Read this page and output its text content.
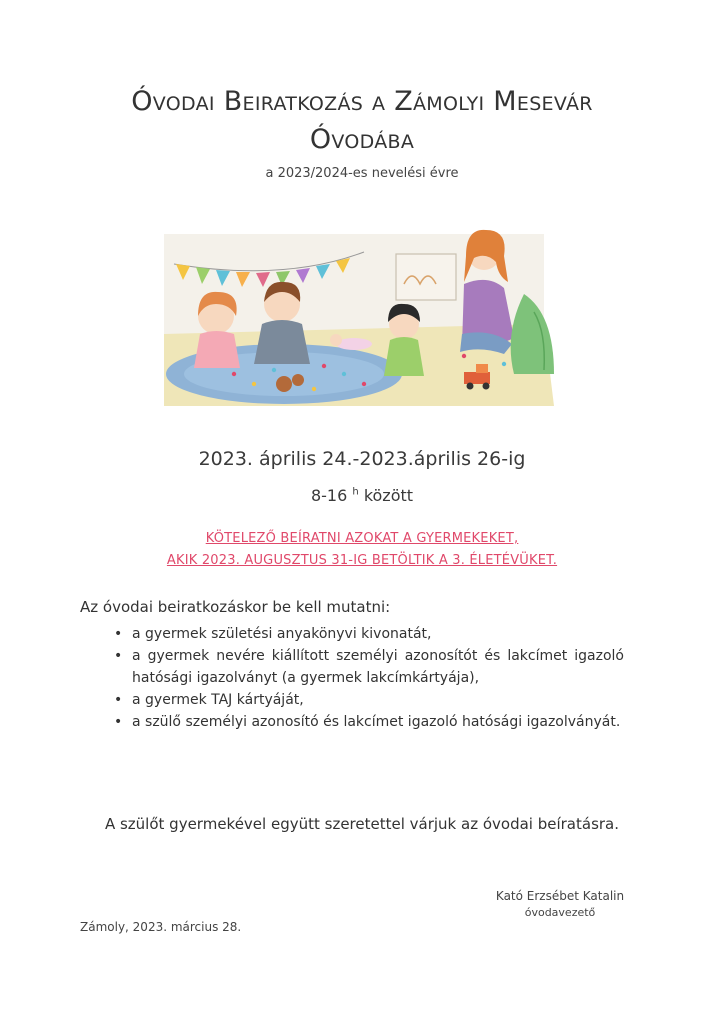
Óvodai Beiratkozás a Zámolyi Mesevár
Óvodába
a 2023/2024-es nevelési évre
2023. április 24.-2023.április 26-ig
8-16 $^h$ között
KÖTELEZŐ BEÍRATNI AZOKAT A GYERMEKEKET,
AKIK 2023. AUGUSZTUS 31-IG BETÖLTIK A 3. ÉLETÉVÜKET.
Az óvodai beiratkozáskor be kell mutatni:
• a gyermek születési anyakönyvi kivonatát,
• a gyermek nevére kiállított személyi azonosítót és lakcímet igazoló hatósági igazolványt (a gyermek lakcímkártyája),
• a gyermek TAJ kártyáját,
• a szülő személyi azonosító és lakcímet igazoló hatósági igazolványát.
A szülőt gyermekével együtt szeretettel várjuk az óvodai beíratásra.
Kató Erzsébet Katalin
óvodavezető
Zámoly, 2023. március 28.
